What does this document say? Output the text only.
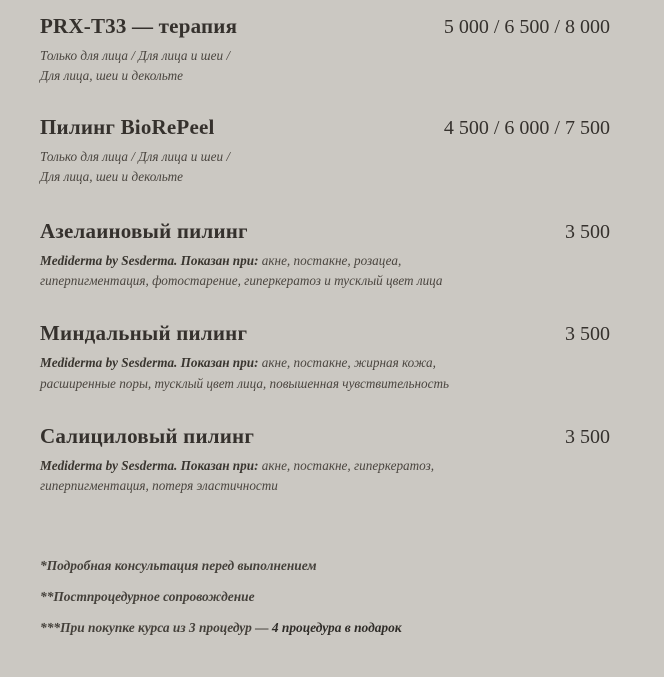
PRX-T33 — терапия	5 000 / 6 500 / 8 000
Только для лица / Для лица и шеи /
Для лица, шеи и декольте
Пилинг BioRePeel	4 500 / 6 000 / 7 500
Только для лица / Для лица и шеи /
Для лица, шеи и декольте
Азелаиновый пилинг	3 500
Mediderma by Sesderma. Показан при: акне, постакне, розацеа, гиперпигментация, фотостарение, гиперкератоз и тусклый цвет лица
Миндальный пилинг	3 500
Mediderma by Sesderma. Показан при: акне, постакне, жирная кожа, расширенные поры, тусклый цвет лица, повышенная чувствительность
Салициловый пилинг	3 500
Mediderma by Sesderma. Показан при: акне, постакне, гиперкератоз, гиперпигментация, потеря эластичности
*Подробная консультация перед выполнением
**Постпроцедурное сопровождение
***При покупке курса из 3 процедур — 4 процедура в подарок
